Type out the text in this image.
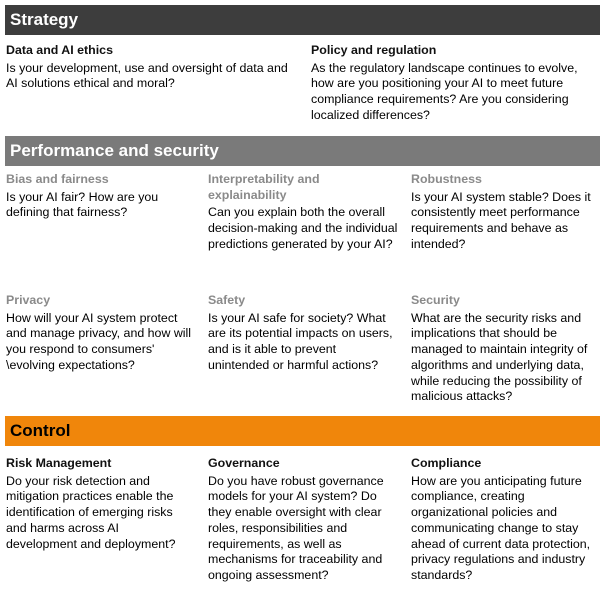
Strategy
Data and AI ethics
Is your development, use and oversight of data and AI solutions ethical and moral?
Policy and regulation
As the regulatory landscape continues to evolve, how are you positioning your AI to meet future compliance requirements? Are you considering localized differences?
Performance and security
Bias and fairness
Is your AI fair? How are you defining that fairness?
Interpretability and explainability
Can you explain both the overall decision-making and the individual predictions generated by your AI?
Robustness
Is your AI system stable? Does it consistently meet performance requirements and behave as intended?
Privacy
How will your AI system protect and manage privacy, and how will you respond to consumers' \evolving expectations?
Safety
Is your AI safe for society? What are its potential impacts on users, and is it able to prevent unintended or harmful actions?
Security
What are the security risks and implications that should be managed to maintain integrity of algorithms and underlying data, while reducing the possibility of malicious attacks?
Control
Risk Management
Do your risk detection and mitigation practices enable the identification of emerging risks and harms across AI development and deployment?
Governance
Do you have robust governance models for your AI system? Do they enable oversight with clear roles, responsibilities and requirements, as well as mechanisms for traceability and ongoing assessment?
Compliance
How are you anticipating future compliance, creating organizational policies and communicating change to stay ahead of current data protection, privacy regulations and industry standards?
